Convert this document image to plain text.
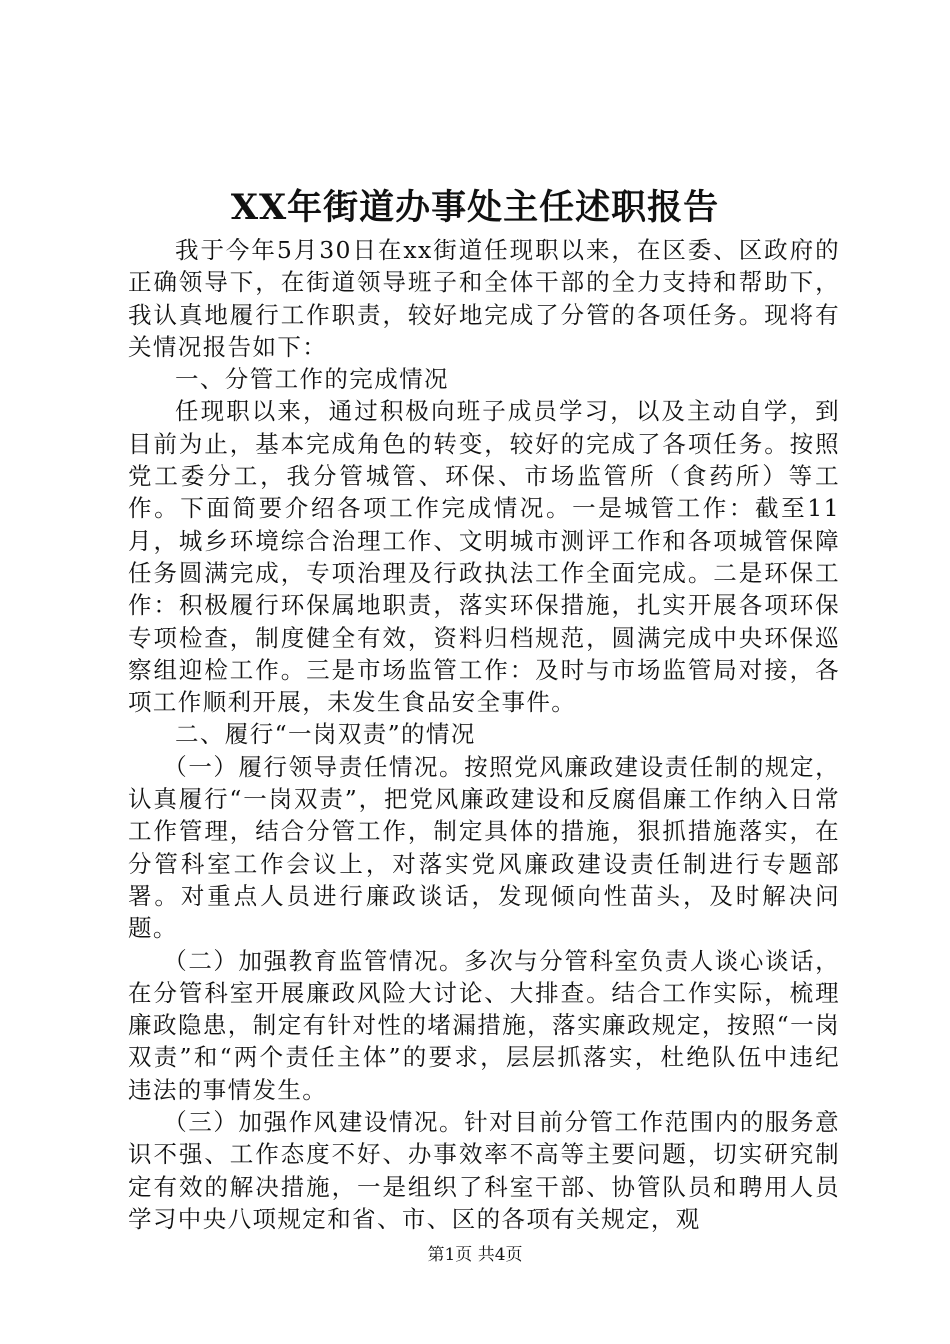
XX年街道办事处主任述职报告

我于今年5月30日在xx街道任现职以来，在区委、区政府的正确领导下，在街道领导班子和全体干部的全力支持和帮助下，我认真地履行工作职责，较好地完成了分管的各项任务。现将有关情况报告如下：

一、分管工作的完成情况

任现职以来，通过积极向班子成员学习，以及主动自学，到目前为止，基本完成角色的转变，较好的完成了各项任务。按照党工委分工，我分管城管、环保、市场监管所（食药所）等工作。下面简要介绍各项工作完成情况。一是城管工作：截至11月，城乡环境综合治理工作、文明城市测评工作和各项城管保障任务圆满完成，专项治理及行政执法工作全面完成。二是环保工作：积极履行环保属地职责，落实环保措施，扎实开展各项环保专项检查，制度健全有效，资料归档规范，圆满完成中央环保巡察组迎检工作。三是市场监管工作：及时与市场监管局对接，各项工作顺利开展，未发生食品安全事件。

二、履行“一岗双责”的情况

（一）履行领导责任情况。按照党风廉政建设责任制的规定，认真履行“一岗双责”，把党风廉政建设和反腐倡廉工作纳入日常工作管理，结合分管工作，制定具体的措施，狠抓措施落实，在分管科室工作会议上，对落实党风廉政建设责任制进行专题部署。对重点人员进行廉政谈话，发现倾向性苗头，及时解决问题。

（二）加强教育监管情况。多次与分管科室负责人谈心谈话，在分管科室开展廉政风险大讨论、大排查。结合工作实际，梳理廉政隐患，制定有针对性的堵漏措施，落实廉政规定，按照“一岗双责”和“两个责任主体”的要求，层层抓落实，杜绝队伍中违纪违法的事情发生。

（三）加强作风建设情况。针对目前分管工作范围内的服务意识不强、工作态度不好、办事效率不高等主要问题，切实研究制定有效的解决措施，一是组织了科室干部、协管队员和聘用人员学习中央八项规定和省、市、区的各项有关规定，观

第1页 共4页
